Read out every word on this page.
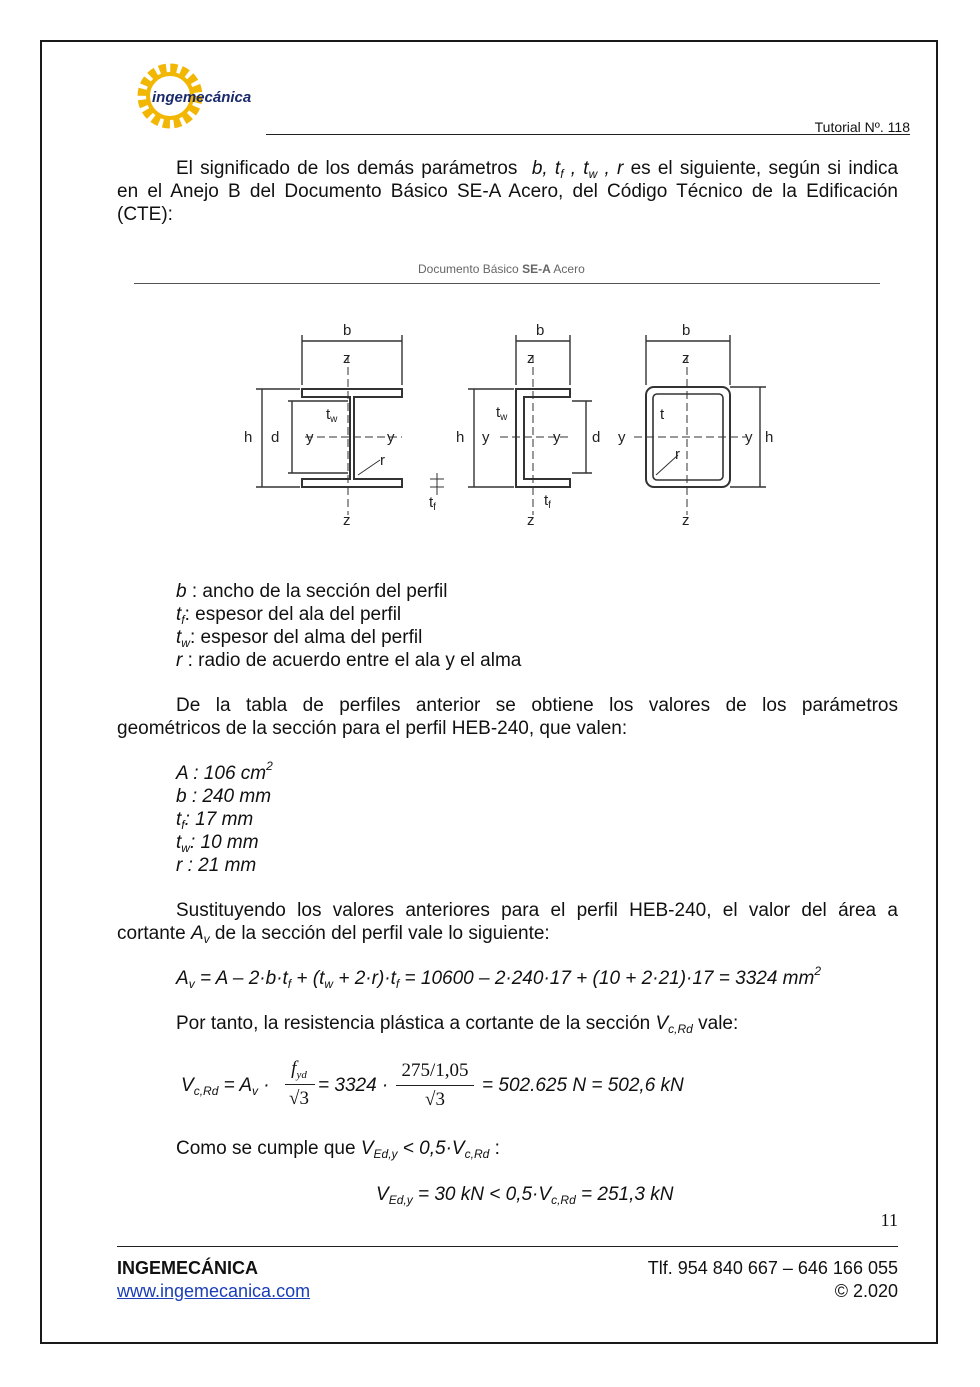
ingemecánica
Tutorial Nº. 118
El significado de los demás parámetros b, $t_f$ , $t_w$ , r es el siguiente, según si indica
en el Anejo B del Documento Básico SE-A Acero, del Código Técnico de la Edificación
(CTE):
Documento Básico SE-A Acero
b
z
z
y	y
h d
r
$t_w$
$t_f$
b
z
z
y	y
h	d
$t_w$
$t_f$
b
z
z
y	y h
t
r
b : ancho de la sección del perfil
$t_f$: espesor del ala del perfil
$t_w$: espesor del alma del perfil
r : radio de acuerdo entre el ala y el alma
De la tabla de perfiles anterior se obtiene los valores de los parámetros
geométricos de la sección para el perfil HEB-240, que valen:
A : 106 $cm^2$
b : 240 mm
$t_f$: 17 mm
$t_w$: 10 mm
r : 21 mm
Sustituyendo los valores anteriores para el perfil HEB-240, el valor del área a
cortante $A_v$ de la sección del perfil vale lo siguiente:
$A_v = A - 2\cdot b\cdot t_f + (t_w + 2\cdot r)\cdot t_f = 10600 - 2\cdot 240\cdot 17 + (10 + 2\cdot 21)\cdot 17 = 3324$ $mm^2$
Por tanto, la resistencia plástica a cortante de la sección $V_{c,Rd}$ vale:
$V_{c,Rd} = A_v$ ·
$f_{yd}$
√3
= 3324 ·
275/1,05
√3
= 502.625 N = 502,6 kN
Como se cumple que $V_{Ed,y} < 0,5\cdot V_{c,Rd}$ :
$V_{Ed,y} = 30$ kN < $0,5\cdot V_{c,Rd} = 251,3$ kN
11
INGEMECÁNICA
www.ingemecanica.com
Tlf. 954 840 667 – 646 166 055
© 2.020
